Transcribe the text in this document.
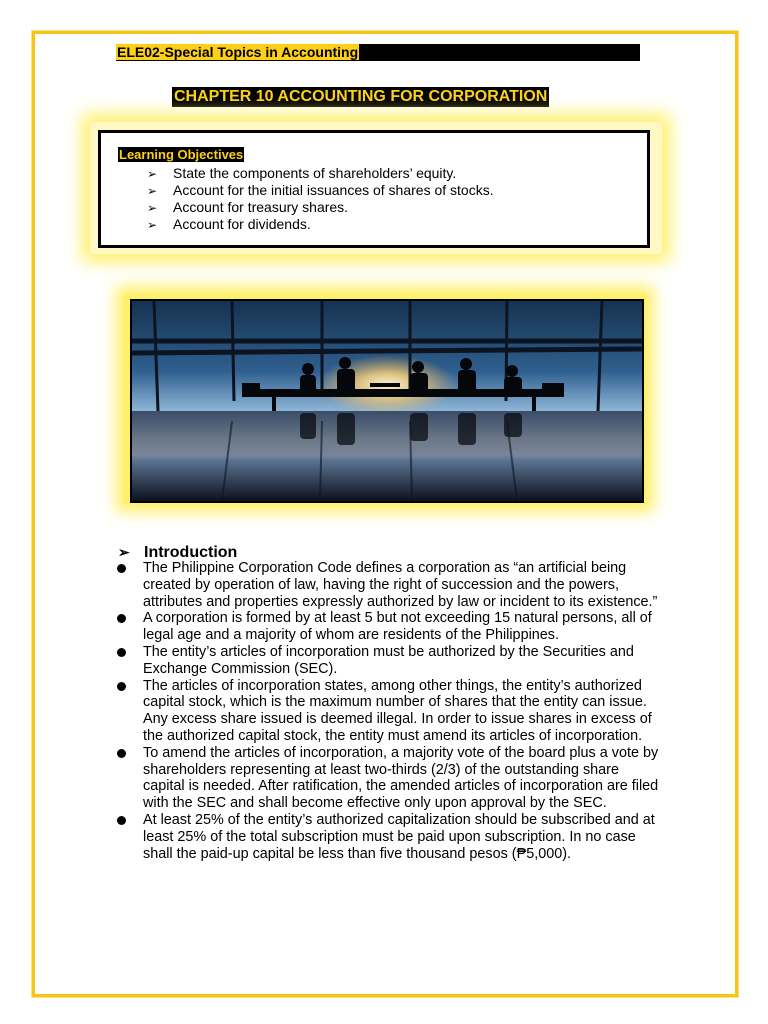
ELE02-Special Topics in Accounting
CHAPTER 10 ACCOUNTING FOR CORPORATION
Learning Objectives
➢ State the components of shareholders’ equity.
➢ Account for the initial issuances of shares of stocks.
➢ Account for treasury shares.
➢ Account for dividends.
➢ Introduction
The Philippine Corporation Code defines a corporation as “an artificial being created by operation of law, having the right of succession and the powers, attributes and properties expressly authorized by law or incident to its existence.”
A corporation is formed by at least 5 but not exceeding 15 natural persons, all of legal age and a majority of whom are residents of the Philippines.
The entity’s articles of incorporation must be authorized by the Securities and Exchange Commission (SEC).
The articles of incorporation states, among other things, the entity’s authorized capital stock, which is the maximum number of shares that the entity can issue. Any excess share issued is deemed illegal. In order to issue shares in excess of the authorized capital stock, the entity must amend its articles of incorporation.
To amend the articles of incorporation, a majority vote of the board plus a vote by shareholders representing at least two-thirds (2/3) of the outstanding share capital is needed. After ratification, the amended articles of incorporation are filed with the SEC and shall become effective only upon approval by the SEC.
At least 25% of the entity’s authorized capitalization should be subscribed and at least 25% of the total subscription must be paid upon subscription. In no case shall the paid-up capital be less than five thousand pesos (₱5,000).
